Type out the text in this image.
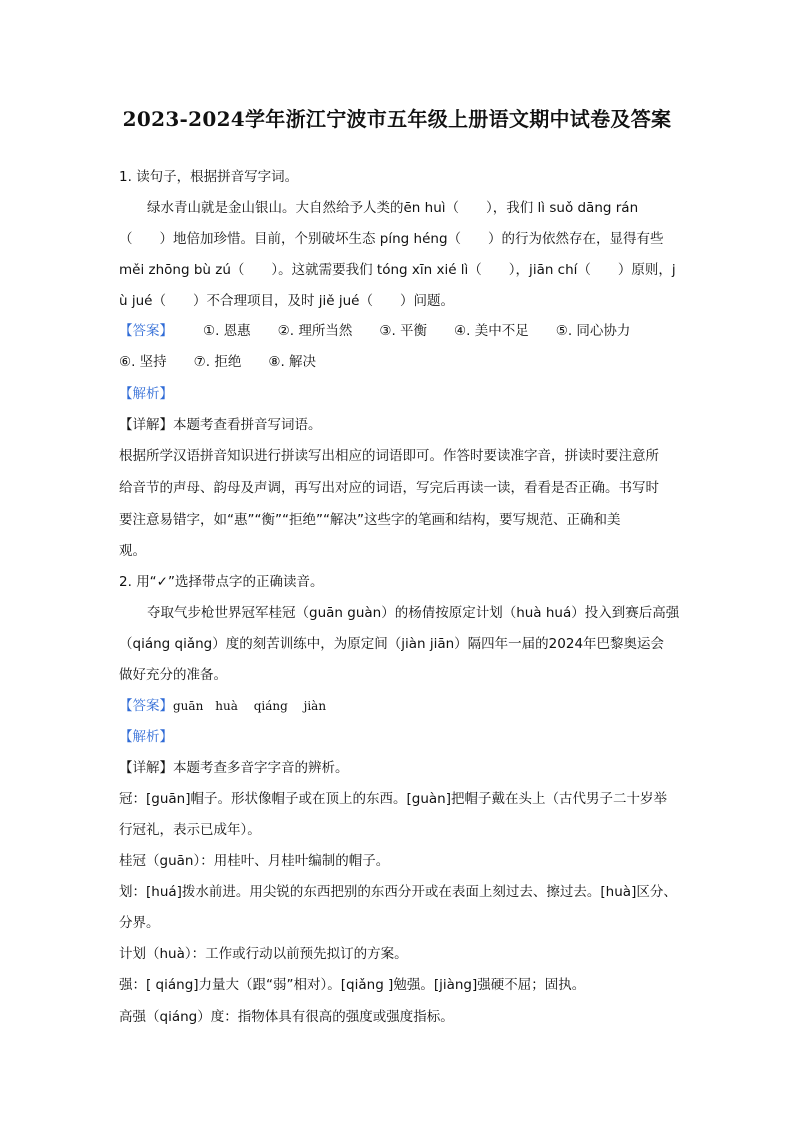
2023-2024学年浙江宁波市五年级上册语文期中试卷及答案
1. 读句子，根据拼音写字词。
绿水青山就是金山银山。大自然给予人类的ēn huì（　　），我们 lì suǒ dāng rán
（　　）地倍加珍惜。目前，个别破坏生态 píng héng（　　）的行为依然存在，显得有些
měi zhōng bù zú（　　）。这就需要我们 tóng xīn xié lì（　　），jiān chí（　　）原则，j
ù jué（　　）不合理项目，及时 jiě jué（　　）问题。
【答案】 ①. 恩惠　　②. 理所当然　　③. 平衡　　④. 美中不足　　⑤. 同心协力
⑥. 坚持　　⑦. 拒绝　　⑧. 解决
【解析】
【详解】本题考查看拼音写词语。
根据所学汉语拼音知识进行拼读写出相应的词语即可。作答时要读准字音，拼读时要注意所
给音节的声母、韵母及声调，再写出对应的词语，写完后再读一读，看看是否正确。书写时
要注意易错字，如“惠”“衡”“拒绝”“解决”这些字的笔画和结构，要写规范、正确和美
观。
2. 用“✓”选择带点字的正确读音。
夺取气步枪世界冠军桂冠（guān guàn）的杨倩按原定计划（huà huá）投入到赛后高强
（qiáng qiǎng）度的刻苦训练中，为原定间（jiàn jiān）隔四年一届的2024年巴黎奥运会
做好充分的准备。
【答案】guān　huà　 qiáng　 jiàn
【解析】
【详解】本题考查多音字字音的辨析。
冠：[guān]帽子。形状像帽子或在顶上的东西。[guàn]把帽子戴在头上（古代男子二十岁举
行冠礼，表示已成年）。
桂冠（guān）：用桂叶、月桂叶编制的帽子。
划：[huá]拨水前进。用尖锐的东西把别的东西分开或在表面上刻过去、擦过去。[huà]区分、
分界。
计划（huà）：工作或行动以前预先拟订的方案。
强：[ qiáng]力量大（跟“弱”相对）。[qiǎng ]勉强。[jiàng]强硬不屈；固执。
高强（qiáng）度：指物体具有很高的强度或强度指标。
